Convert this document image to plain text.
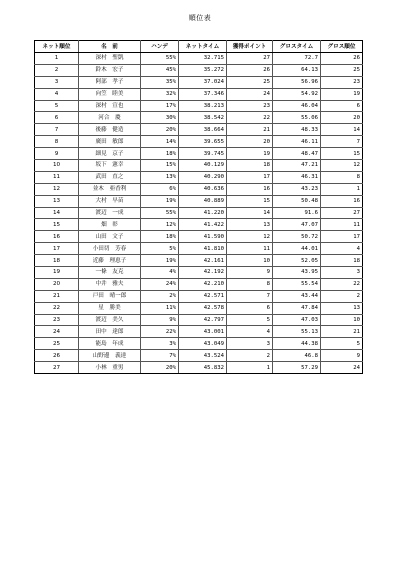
順位表
ネット順位	名　前	ハンデ	ネットタイム	獲得ポイント	グロスタイム	グロス順位
1	深村　聖凱	55%	32.715	27	72.7	26
2	鈴木　宏子	45%	35.272	26	64.13	25
3	阿部　孝子	35%	37.024	25	56.96	23
4	向笠　睦美	32%	37.346	24	54.92	19
5	深村　宣也	17%	38.213	23	46.04	6
6	河合　慶	30%	38.542	22	55.06	20
7	後藤　健造	20%	38.664	21	48.33	14
8	廣田　敏郎	14%	39.655	20	46.11	7
9	細見　京子	18%	39.745	19	48.47	15
10	坂下　憲幸	15%	40.129	18	47.21	12
11	武田　直之	13%	40.290	17	46.31	8
12	並木　亜香利	6%	40.636	16	43.23	1
13	大村　早苗	19%	40.889	15	50.48	16
14	渡辺　一成	55%	41.220	14	91.6	27
15	畑　彰	12%	41.422	13	47.07	11
16	山田　文子	18%	41.590	12	50.72	17
17	小田切　芳春	5%	41.810	11	44.01	4
18	近藤　理恵子	19%	42.161	10	52.05	18
19	一條　友克	4%	42.192	9	43.95	3
20	中井　雅夫	24%	42.210	8	55.54	22
21	戸田　晴一郎	2%	42.571	7	43.44	2
22	星　勝美	11%	42.578	6	47.84	13
23	渡辺　美久	9%	42.797	5	47.03	10
24	田中　達郎	22%	43.001	4	55.13	21
25	能島　年成	3%	43.049	3	44.38	5
26	山野邊　義達	7%	43.524	2	46.8	9
27	小林　重男	20%	45.832	1	57.29	24
